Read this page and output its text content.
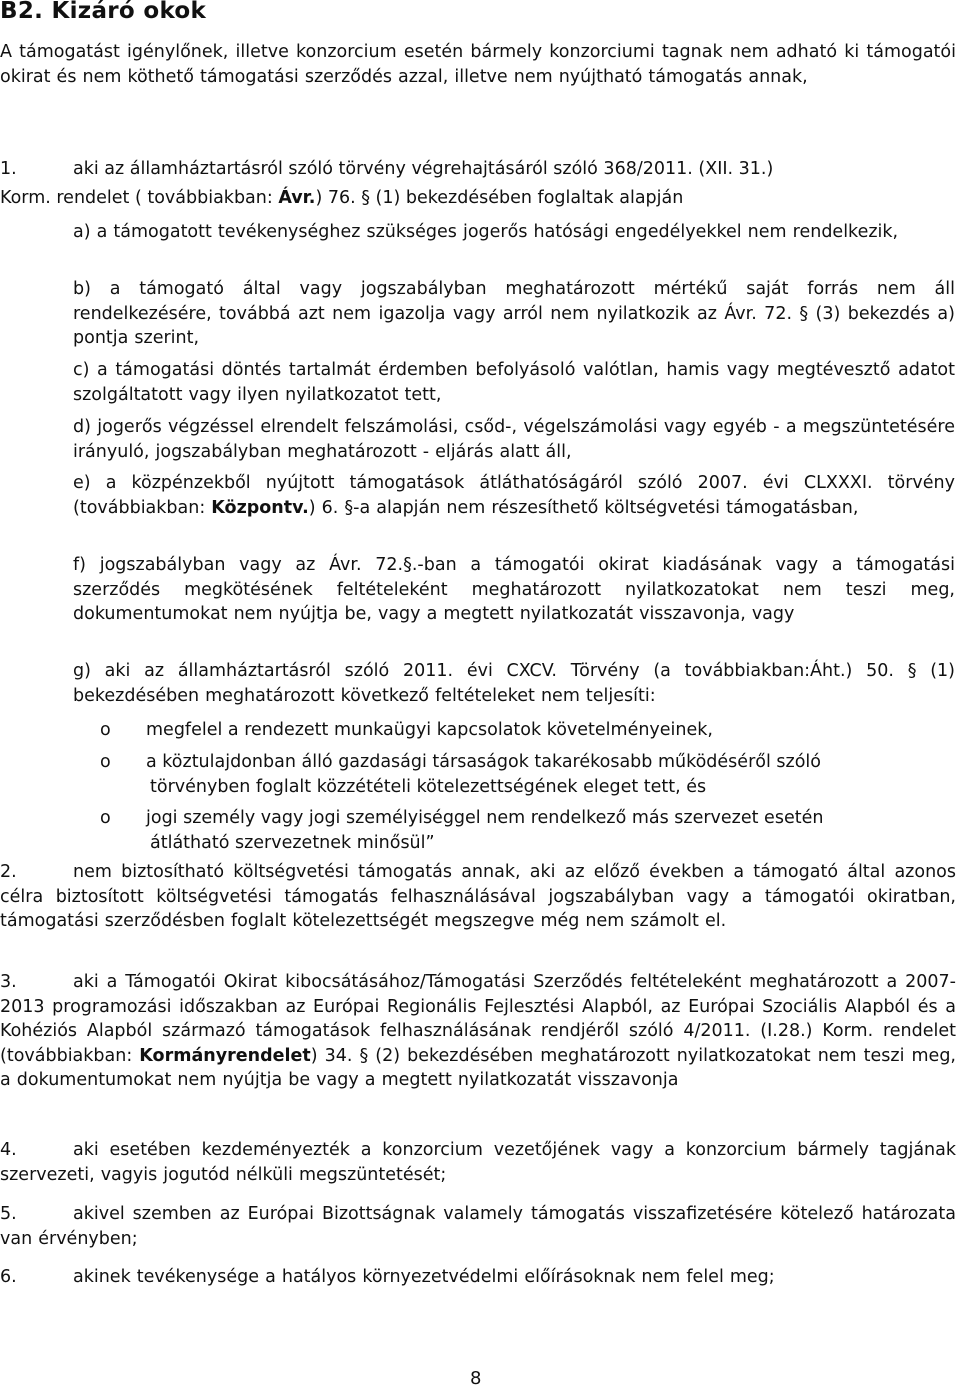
B2. Kizáró okok

A támogatást igénylőnek, illetve konzorcium esetén bármely konzorciumi tagnak nem adható ki támogatói okirat és nem köthető támogatási szerződés azzal, illetve nem nyújtható támogatás annak,

1.	aki az államháztartásról szóló törvény végrehajtásáról szóló 368/2011. (XII. 31.)

Korm. rendelet ( továbbiakban: Ávr.) 76. § (1) bekezdésében foglaltak alapján

a) a támogatott tevékenységhez szükséges jogerős hatósági engedélyekkel nem rendelkezik,

b) a támogató által vagy jogszabályban meghatározott mértékű saját forrás nem áll rendelkezésére, továbbá azt nem igazolja vagy arról nem nyilatkozik az Ávr. 72. § (3) bekezdés a) pontja szerint,

c) a támogatási döntés tartalmát érdemben befolyásoló valótlan, hamis vagy megtévesztő adatot szolgáltatott vagy ilyen nyilatkozatot tett,

d) jogerős végzéssel elrendelt felszámolási, csőd-, végelszámolási vagy egyéb - a megszüntetésére irányuló, jogszabályban meghatározott - eljárás alatt áll,

e) a közpénzekből nyújtott támogatások átláthatóságáról szóló 2007. évi CLXXXI. törvény (továbbiakban: Központv.) 6. §-a alapján nem részesíthető költségvetési támogatásban,

f) jogszabályban vagy az Ávr. 72.§.-ban a támogatói okirat kiadásának vagy a támogatási szerződés megkötésének feltételeként meghatározott nyilatkozatokat nem teszi meg, dokumentumokat nem nyújtja be, vagy a megtett nyilatkozatát visszavonja, vagy

g) aki az államháztartásról szóló 2011. évi CXCV. Törvény (a továbbiakban:Áht.) 50. § (1) bekezdésében meghatározott következő feltételeket nem teljesíti:

o megfelel a rendezett munkaügyi kapcsolatok követelményeinek,

o a köztulajdonban álló gazdasági társaságok takarékosabb működéséről szóló

törvényben foglalt közzétételi kötelezettségének eleget tett, és

o jogi személy vagy jogi személyiséggel nem rendelkező más szervezet esetén

átlátható szervezetnek minősül”

2.	nem biztosítható költségvetési támogatás annak, aki az előző években a támogató által azonos célra biztosított költségvetési támogatás felhasználásával jogszabályban vagy a támogatói okiratban, támogatási szerződésben foglalt kötelezettségét megszegve még nem számolt el.

3.	aki a Támogatói Okirat kibocsátásához/Támogatási Szerződés feltételeként meghatározott a 2007-2013 programozási időszakban az Európai Regionális Fejlesztési Alapból, az Európai Szociális Alapból és a Kohéziós Alapból származó támogatások felhasználásának rendjéről szóló 4/2011. (I.28.) Korm. rendelet (továbbiakban: Kormányrendelet) 34. § (2) bekezdésében meghatározott nyilatkozatokat nem teszi meg, a dokumentumokat nem nyújtja be vagy a megtett nyilatkozatát visszavonja

4.	aki esetében kezdeményezték a konzorcium vezetőjének vagy a konzorcium bármely tagjának szervezeti, vagyis jogutód nélküli megszüntetését;

5.	akivel szemben az Európai Bizottságnak valamely támogatás visszafizetésére kötelező határozata van érvényben;

6.	akinek tevékenysége a hatályos környezetvédelmi előírásoknak nem felel meg;

8
